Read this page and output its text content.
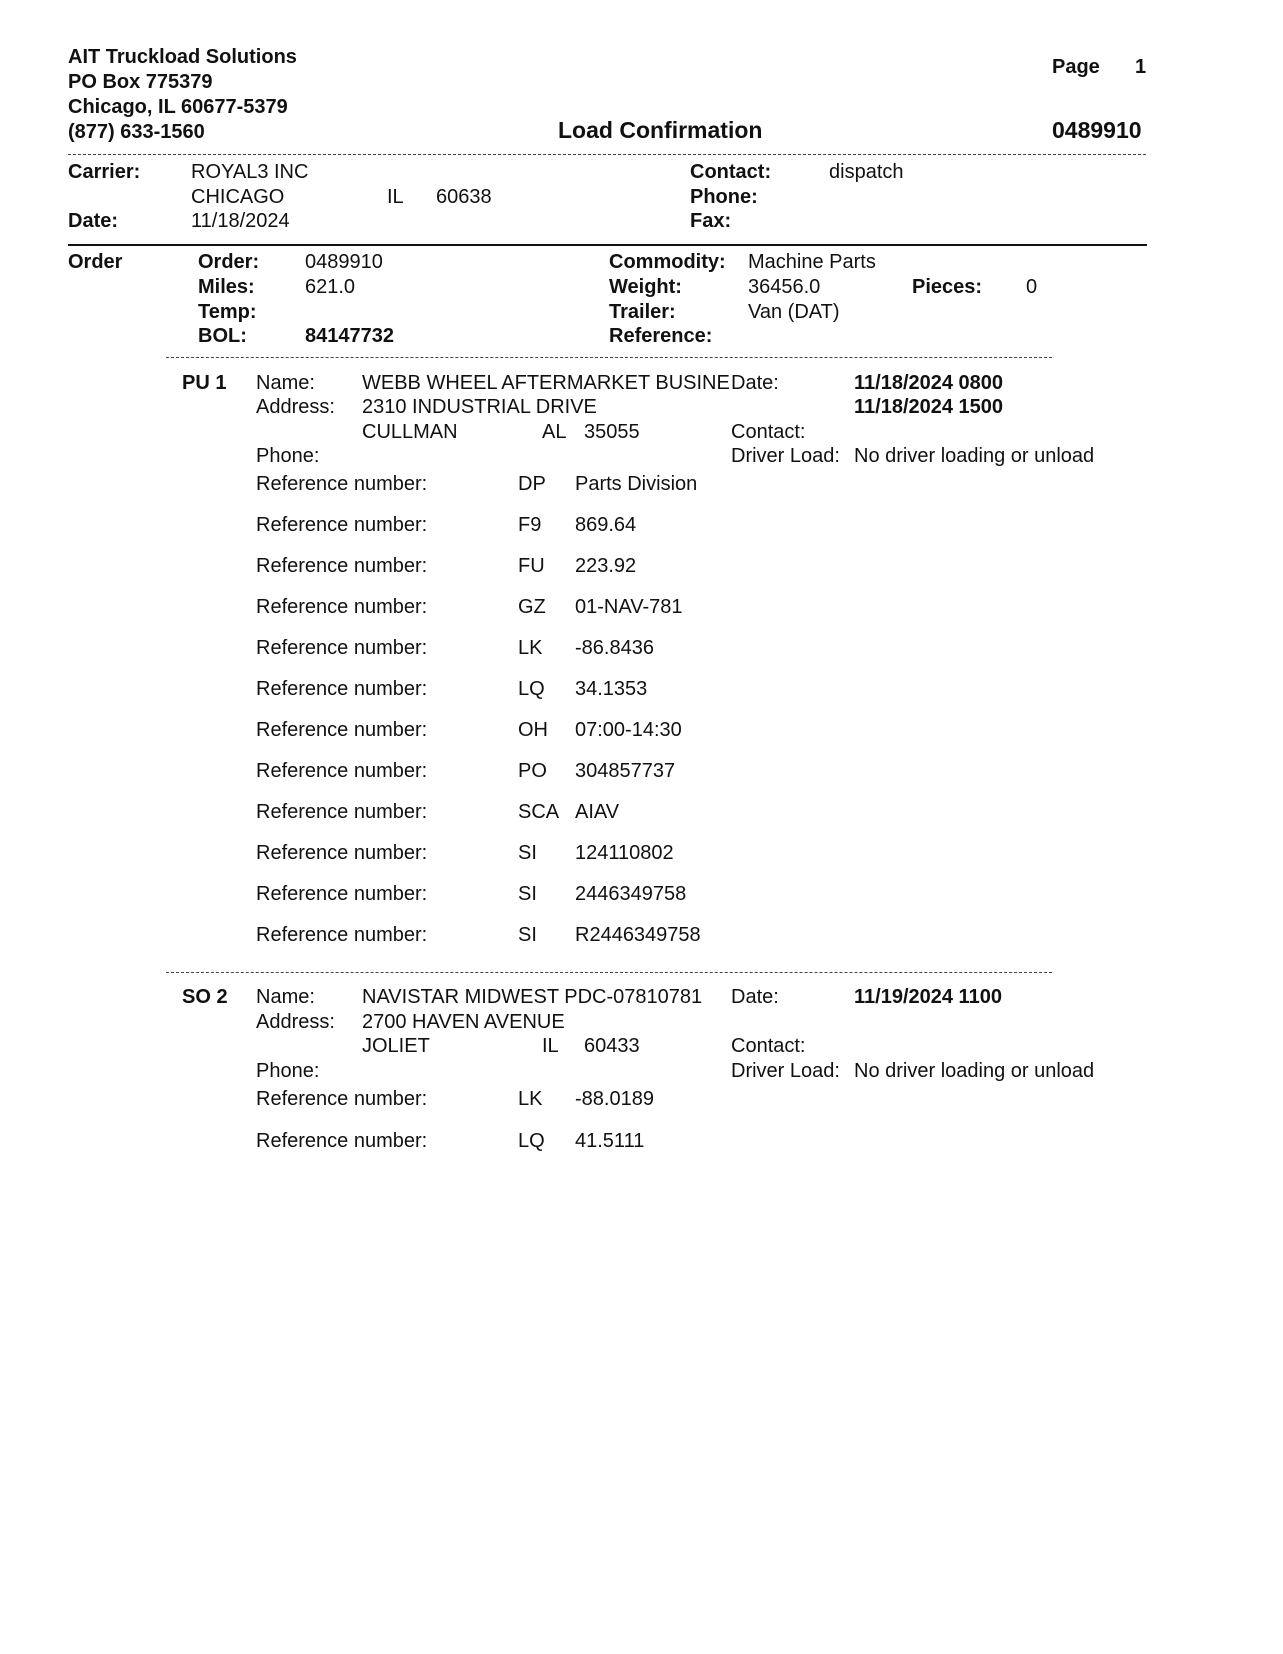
AIT Truckload Solutions
PO Box 775379
Chicago, IL 60677-5379
(877) 633-1560
Page 1
Load Confirmation	0489910
Carrier:	ROYAL3 INC
CHICAGO	IL 60638
Date:	11/18/2024
Contact:	dispatch
Phone:
Fax:
Order	Order: 0489910
Miles:	621.0
Temp:
BOL:	84147732
Commodity: Machine Parts
Weight:	36456.0	Pieces: 0
Trailer:	Van (DAT)
Reference:
PU 1 Name: WEBB WHEEL AFTERMARKET BUSINE
Address: 2310 INDUSTRIAL DRIVE
CULLMAN	AL 35055
Phone:
Date:	11/18/2024 0800
11/18/2024 1500
Contact:
Driver Load: No driver loading or unload
Reference number:	DP Parts Division
Reference number:	F9 869.64
Reference number:	FU 223.92
Reference number:	GZ 01-NAV-781
Reference number:	LK -86.8436
Reference number:	LQ 34.1353
Reference number:	OH 07:00-14:30
Reference number:	PO 304857737
Reference number:	SCA AIAV
Reference number:	SI 124110802
Reference number:	SI 2446349758
Reference number:	SI R2446349758
SO 2 Name: NAVISTAR MIDWEST PDC-07810781
Address: 2700 HAVEN AVENUE
JOLIET	IL 60433
Phone:
Date:	11/19/2024 1100
Contact:
Driver Load: No driver loading or unload
Reference number:	LK -88.0189
Reference number:	LQ 41.5111
